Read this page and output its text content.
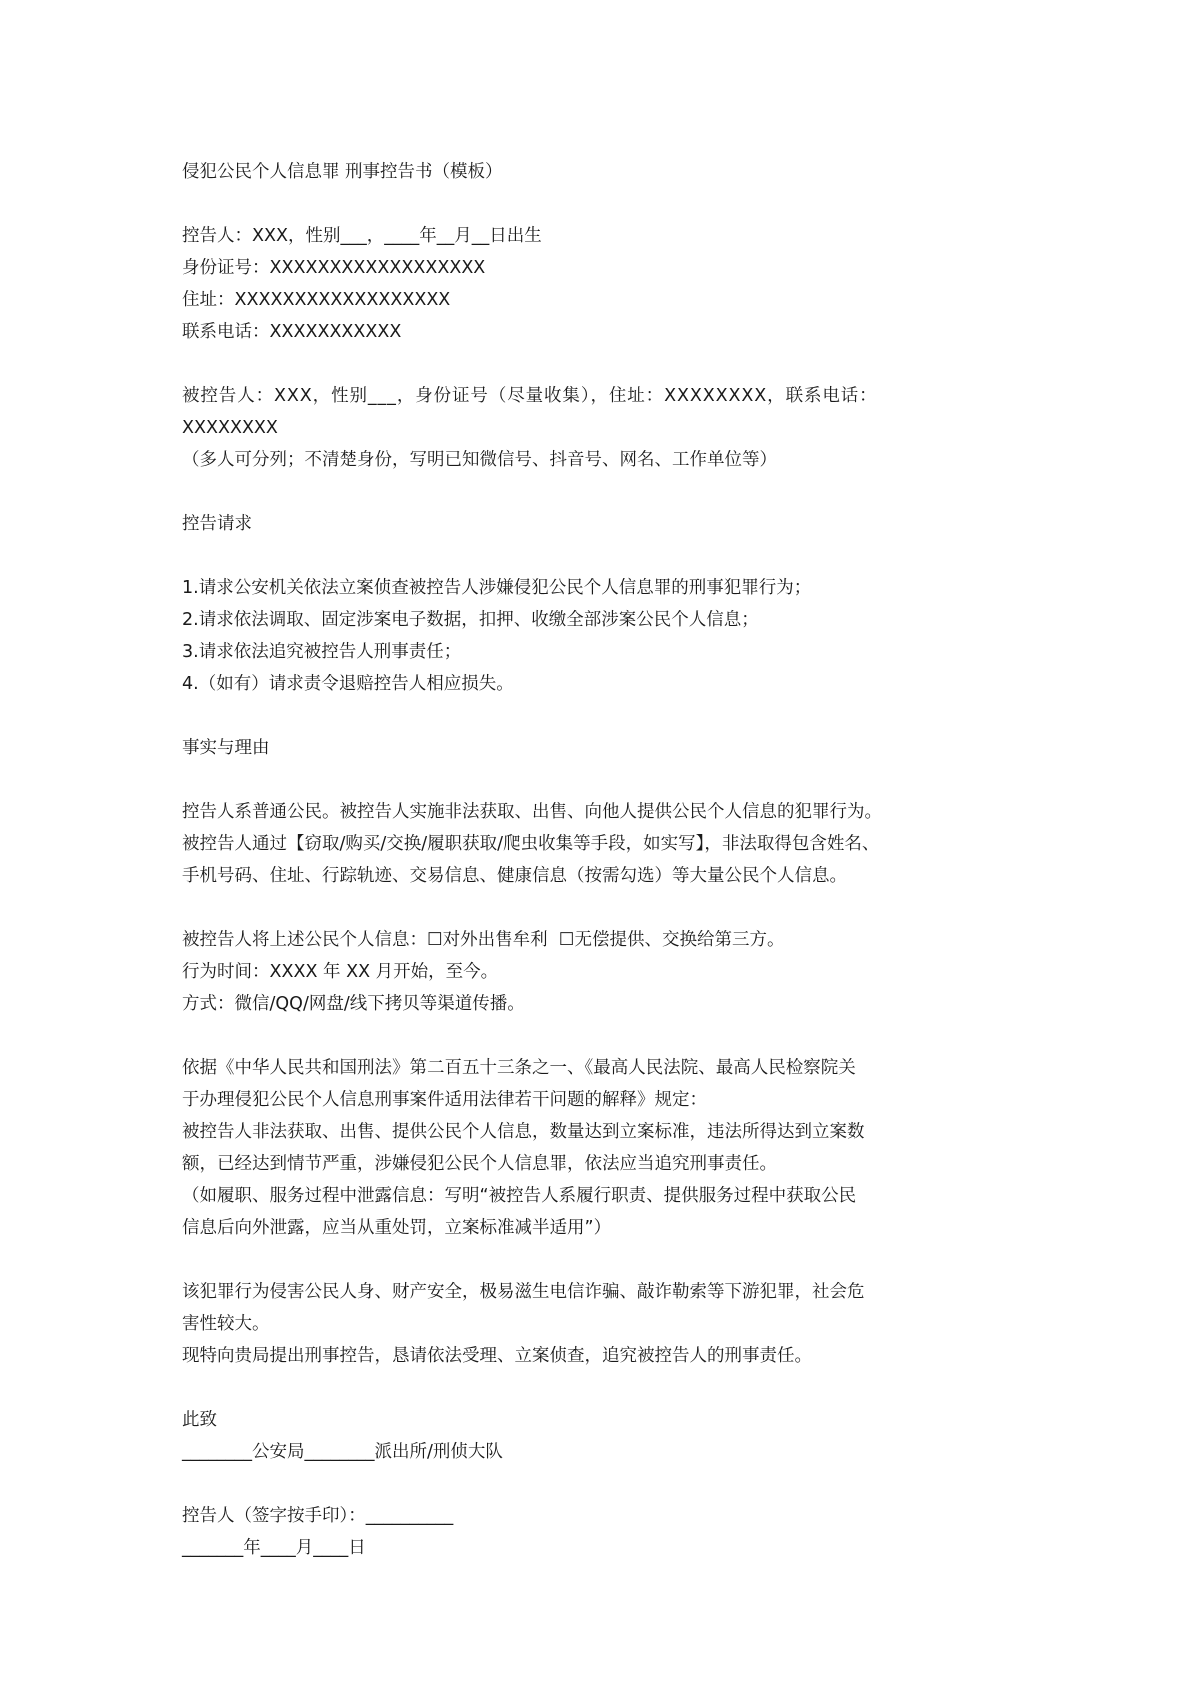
侵犯公民个人信息罪 刑事控告书（模板）

控告人：XXX，性别___，____年__月__日出生

身份证号：XXXXXXXXXXXXXXXXXX

住址：XXXXXXXXXXXXXXXXXX

联系电话：XXXXXXXXXXX

被控告人：XXX，性别___，身份证号（尽量收集），住址：XXXXXXXX，联系电话：

XXXXXXXX

（多人可分列；不清楚身份，写明已知微信号、抖音号、网名、工作单位等）

控告请求

1.请求公安机关依法立案侦查被控告人涉嫌侵犯公民个人信息罪的刑事犯罪行为；

2.请求依法调取、固定涉案电子数据，扣押、收缴全部涉案公民个人信息；

3.请求依法追究被控告人刑事责任；

4.（如有）请求责令退赔控告人相应损失。

事实与理由

控告人系普通公民。被控告人实施非法获取、出售、向他人提供公民个人信息的犯罪行为。

被控告人通过【窃取/购买/交换/履职获取/爬虫收集等手段，如实写】，非法取得包含姓名、

手机号码、住址、行踪轨迹、交易信息、健康信息（按需勾选）等大量公民个人信息。

被控告人将上述公民个人信息：☐对外出售牟利  ☐无偿提供、交换给第三方。

行为时间：XXXX 年 XX 月开始，至今。

方式：微信/QQ/网盘/线下拷贝等渠道传播。

依据《中华人民共和国刑法》第二百五十三条之一、《最高人民法院、最高人民检察院关

于办理侵犯公民个人信息刑事案件适用法律若干问题的解释》规定：

被控告人非法获取、出售、提供公民个人信息，数量达到立案标准，违法所得达到立案数

额，已经达到情节严重，涉嫌侵犯公民个人信息罪，依法应当追究刑事责任。

（如履职、服务过程中泄露信息：写明“被控告人系履行职责、提供服务过程中获取公民

信息后向外泄露，应当从重处罚，立案标准减半适用”）

该犯罪行为侵害公民人身、财产安全，极易滋生电信诈骗、敲诈勒索等下游犯罪，社会危

害性较大。

现特向贵局提出刑事控告，恳请依法受理、立案侦查，追究被控告人的刑事责任。

此致

________公安局________派出所/刑侦大队

控告人（签字按手印）：__________

_______年____月____日
